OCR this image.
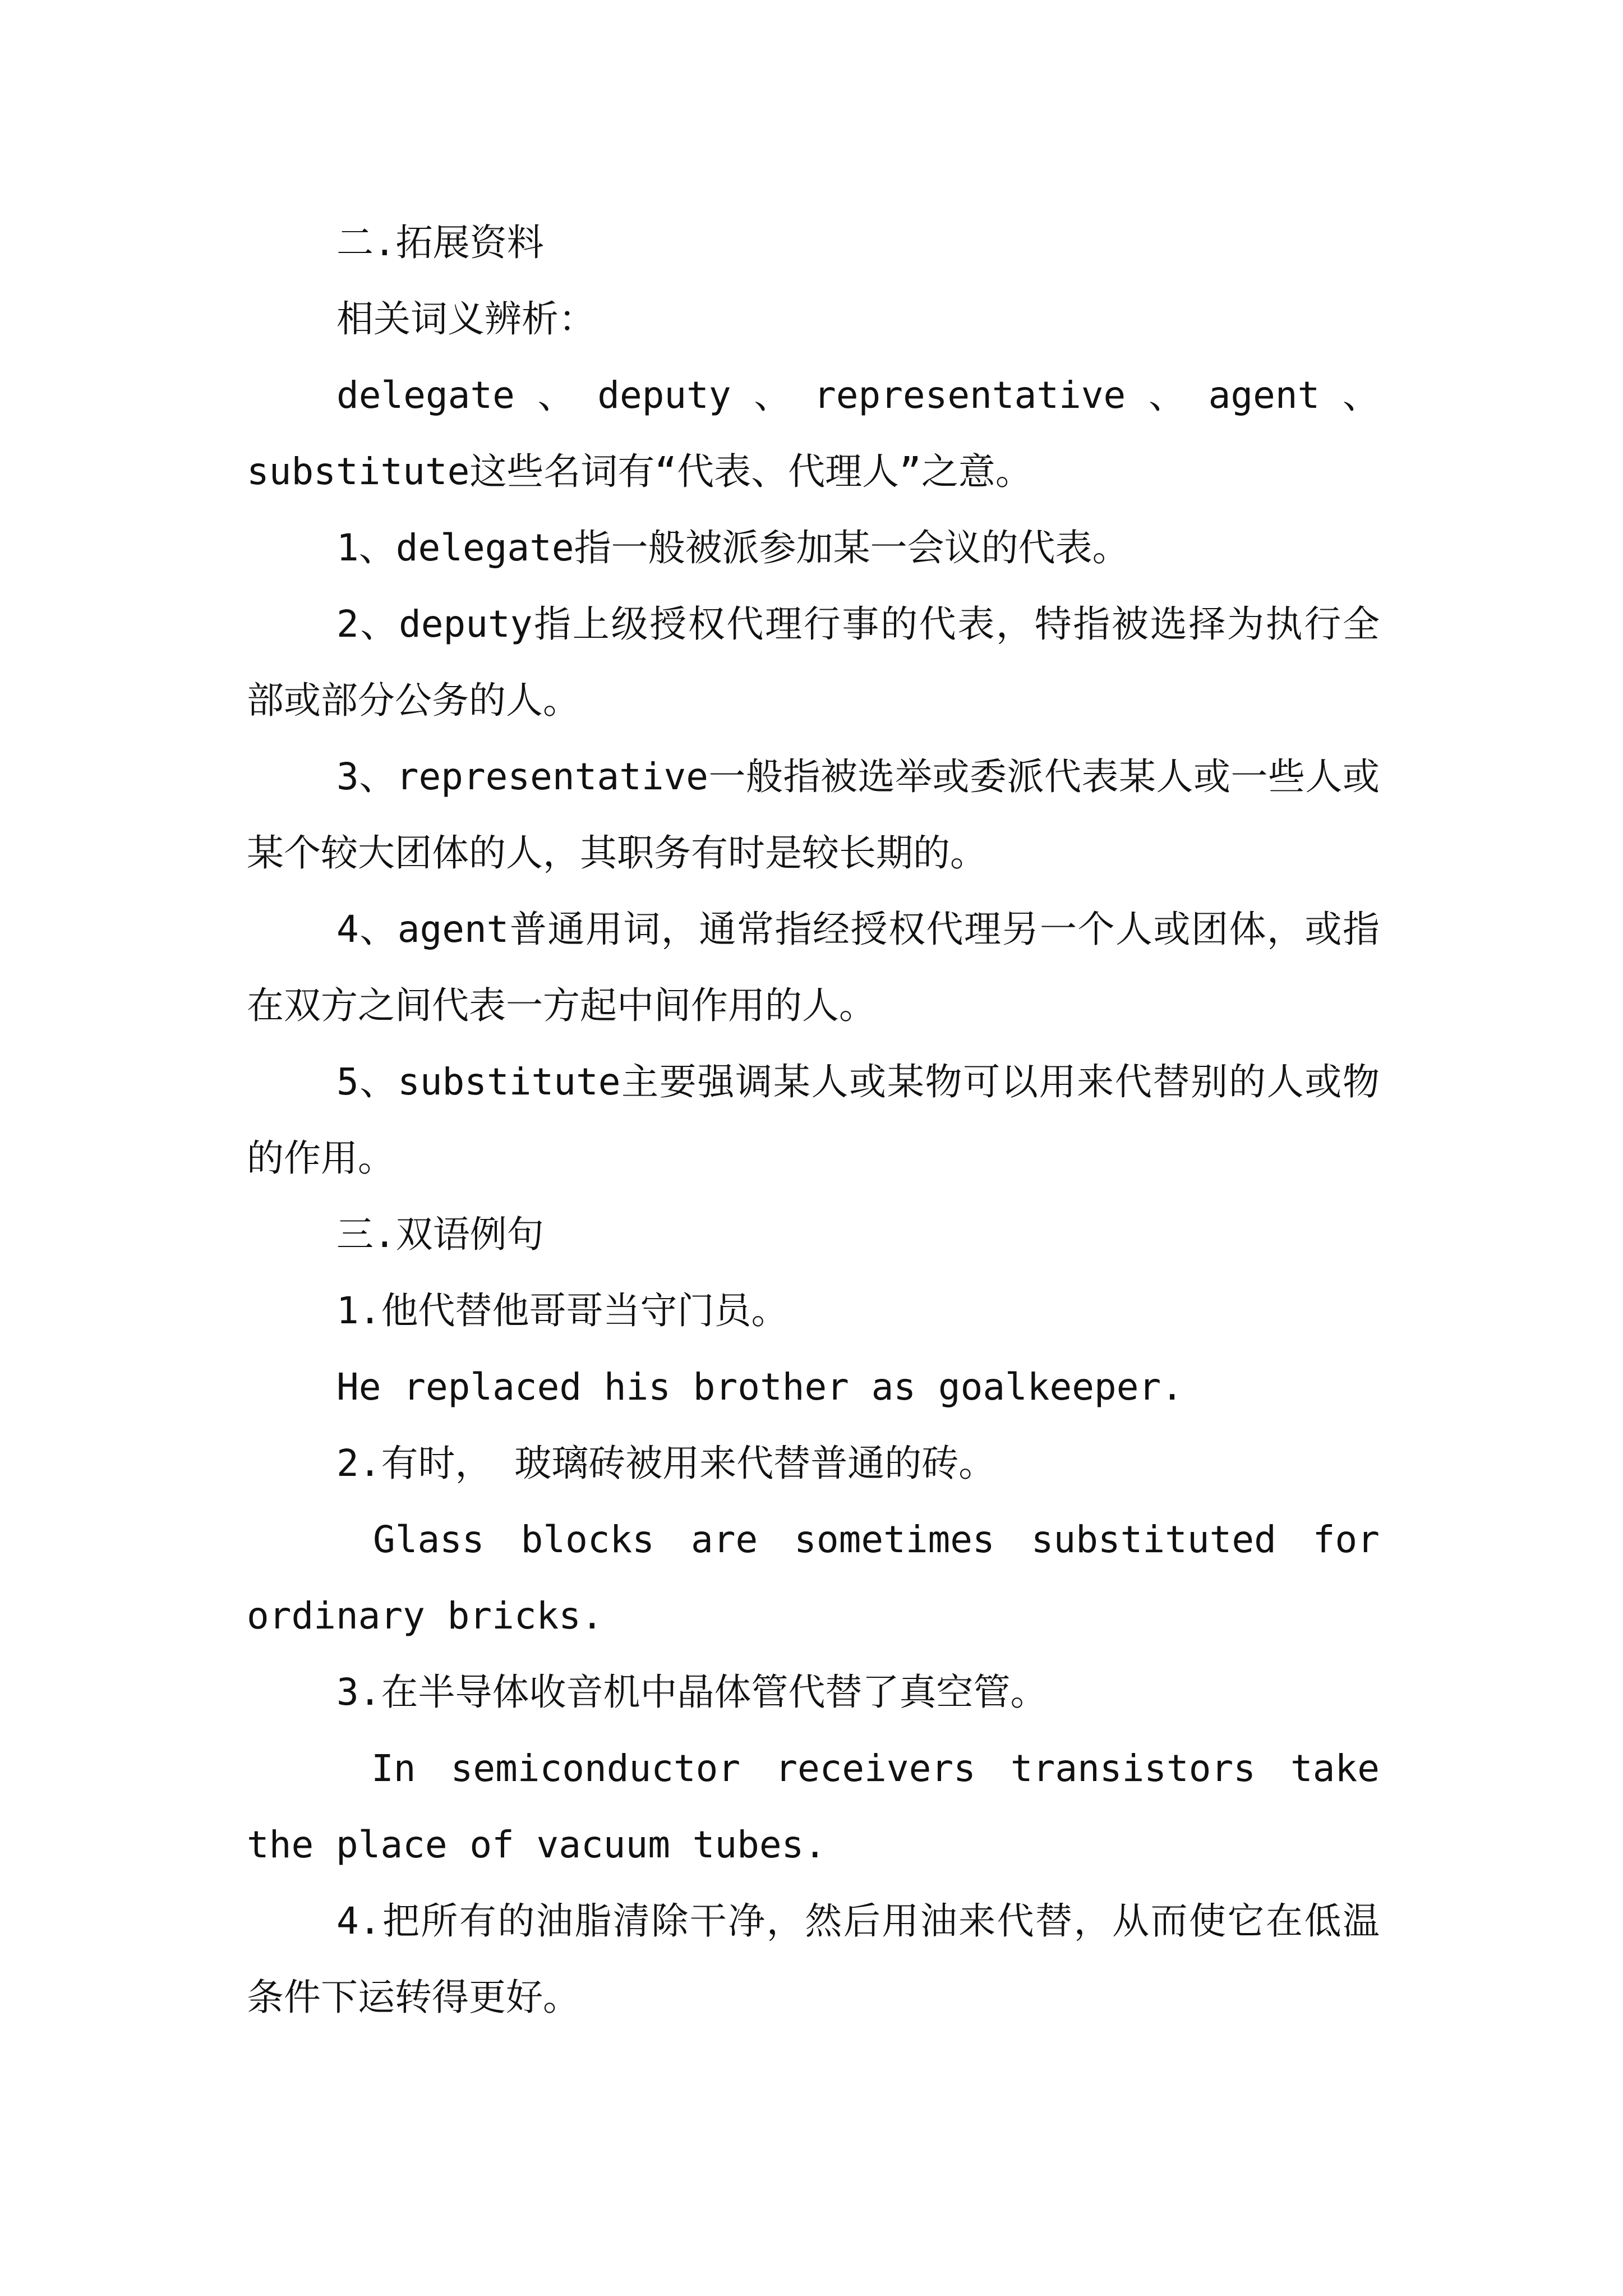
二.拓展资料
相关词义辨析：
delegate、deputy、representative、agent、substitute这些名词有“代表、代理人”之意。
1、delegate指一般被派参加某一会议的代表。
2、deputy指上级授权代理行事的代表，特指被选择为执行全部或部分公务的人。
3、representative一般指被选举或委派代表某人或一些人或某个较大团体的人，其职务有时是较长期的。
4、agent普通用词，通常指经授权代理另一个人或团体，或指在双方之间代表一方起中间作用的人。
5、substitute主要强调某人或某物可以用来代替别的人或物的作用。
三.双语例句
1.他代替他哥哥当守门员。
He replaced his brother as goalkeeper.
2.有时， 玻璃砖被用来代替普通的砖。
Glass blocks are sometimes substituted for ordinary bricks.
3.在半导体收音机中晶体管代替了真空管。
In semiconductor receivers transistors take the place of vacuum tubes.
4.把所有的油脂清除干净，然后用油来代替，从而使它在低温条件下运转得更好。
